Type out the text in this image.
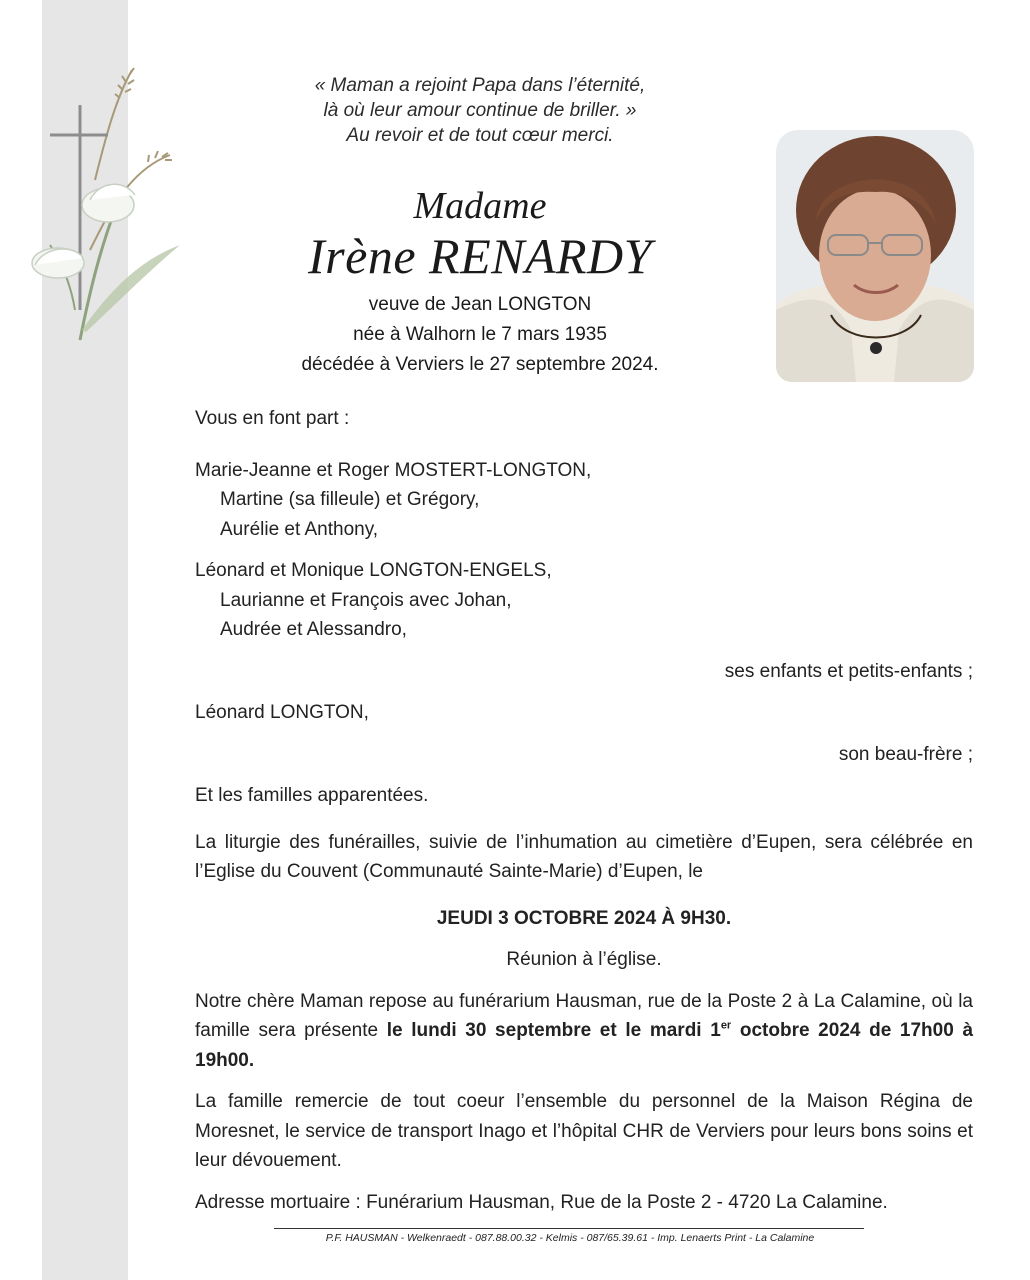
« Maman a rejoint Papa dans l’éternité,
là où leur amour continue de briller. »
Au revoir et de tout cœur merci.
Madame
Irène RENARDY
veuve de Jean LONGTON
née à Walhorn le 7 mars 1935
décédée à Verviers le 27 septembre 2024.

Vous en font part :

Marie-Jeanne et Roger MOSTERT-LONGTON,

Martine (sa filleule) et Grégory,

Aurélie et Anthony,

Léonard et Monique LONGTON-ENGELS,

Laurianne et François avec Johan,

Audrée et Alessandro,

ses enfants et petits-enfants ;

Léonard LONGTON,

son beau-frère ;

Et les familles apparentées.

La liturgie des funérailles, suivie de l’inhumation au cimetière d’Eupen, sera célébrée en l’Eglise du Couvent (Communauté Sainte-Marie) d’Eupen, le

JEUDI 3 OCTOBRE 2024 À 9H30.

Réunion à l’église.

Notre chère Maman repose au funérarium Hausman, rue de la Poste 2 à La Calamine, où la famille sera présente le lundi 30 septembre et le mardi 1er octobre 2024 de 17h00 à 19h00.

La famille remercie de tout coeur l’ensemble du personnel de la Maison Régina de Moresnet, le service de transport Inago et l’hôpital CHR de Verviers pour leurs bons soins et leur dévouement.

Adresse mortuaire : Funérarium Hausman, Rue de la Poste 2 - 4720 La Calamine.

P.F. HAUSMAN - Welkenraedt - 087.88.00.32 - Kelmis - 087/65.39.61 - Imp. Lenaerts Print - La Calamine
